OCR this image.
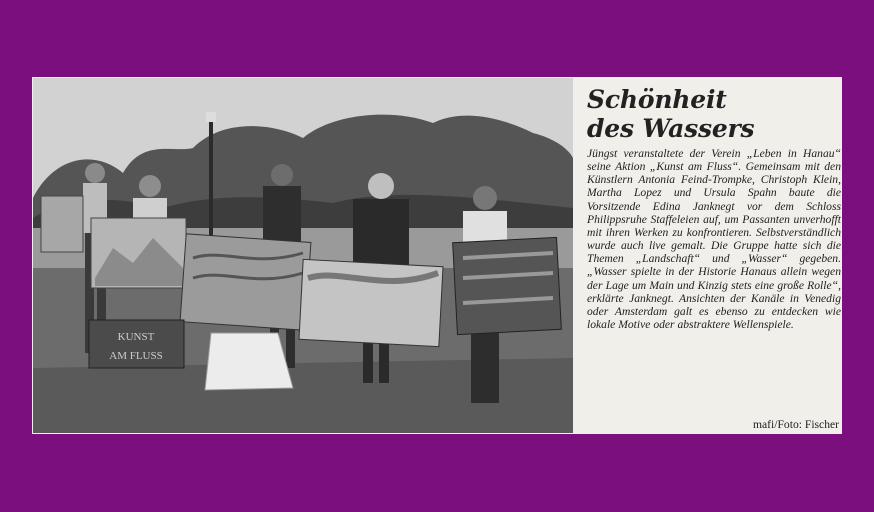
KUNST
AM FLUSS
Schönheit
des Wassers

Jüngst veranstaltete der Verein „Leben in Hanau“ seine Aktion „Kunst am Fluss“. Gemeinsam mit den Künstlern Antonia Feind-Trompke, Christoph Klein, Martha Lopez und Ursula Spahn baute die Vorsitzende Edina Janknegt vor dem Schloss Philippsruhe Staffeleien auf, um Passanten unverhofft mit ihren Werken zu konfrontieren. Selbstverständlich wurde auch live gemalt. Die Gruppe hatte sich die Themen „Landschaft“ und „Wasser“ gegeben. „Wasser spielte in der Historie Hanaus allein wegen der Lage um Main und Kinzig stets eine große Rolle“, erklärte Janknegt. Ansichten der Kanäle in Venedig oder Amsterdam galt es ebenso zu entdecken wie lokale Motive oder abstraktere Wellenspiele.

mafi/Foto: Fischer
